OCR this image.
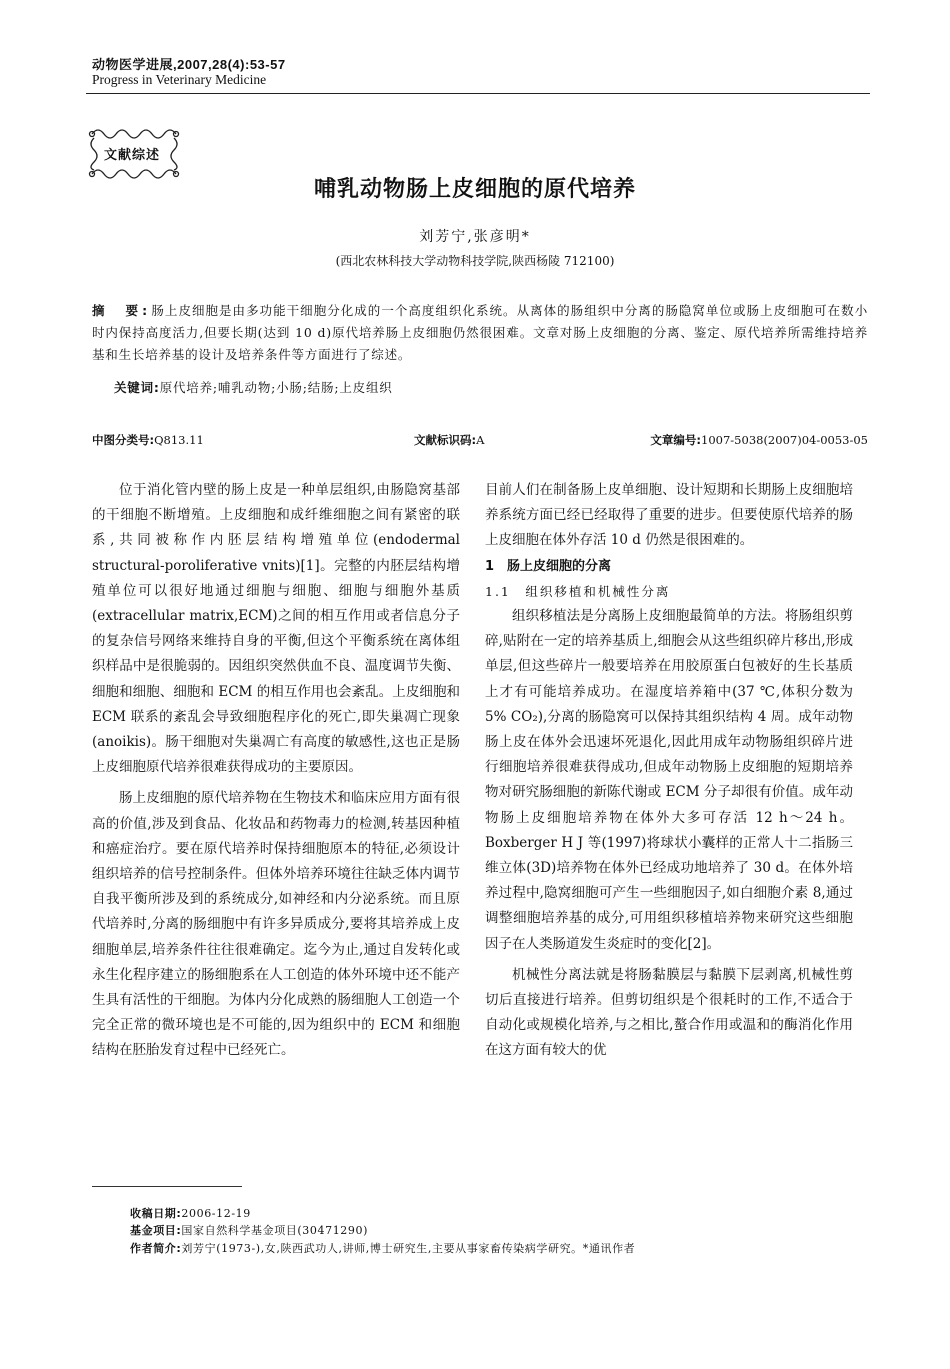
动物医学进展,2007,28(4):53-57
Progress in Veterinary Medicine
文献综述
哺乳动物肠上皮细胞的原代培养
刘芳宁,张彦明*
(西北农林科技大学动物科技学院,陕西杨陵 712100)
摘　要:肠上皮细胞是由多功能干细胞分化成的一个高度组织化系统。从离体的肠组织中分离的肠隐窝单位或肠上皮细胞可在数小时内保持高度活力,但要长期(达到 10 d)原代培养肠上皮细胞仍然很困难。文章对肠上皮细胞的分离、鉴定、原代培养所需维持培养基和生长培养基的设计及培养条件等方面进行了综述。
关键词:原代培养;哺乳动物;小肠;结肠;上皮组织
中图分类号:Q813.11	文献标识码:A	文章编号:1007-5038(2007)04-0053-05

位于消化管内壁的肠上皮是一种单层组织,由肠隐窝基部的干细胞不断增殖。上皮细胞和成纤维细胞之间有紧密的联系,共同被称作内胚层结构增殖单位(endodermal structural-poroliferative vnits)[1]。完整的内胚层结构增殖单位可以很好地通过细胞与细胞、细胞与细胞外基质(extracellular matrix,ECM)之间的相互作用或者信息分子的复杂信号网络来维持自身的平衡,但这个平衡系统在离体组织样品中是很脆弱的。因组织突然供血不良、温度调节失衡、细胞和细胞、细胞和 ECM 的相互作用也会紊乱。上皮细胞和 ECM 联系的紊乱会导致细胞程序化的死亡,即失巢凋亡现象(anoikis)。肠干细胞对失巢凋亡有高度的敏感性,这也正是肠上皮细胞原代培养很难获得成功的主要原因。

肠上皮细胞的原代培养物在生物技术和临床应用方面有很高的价值,涉及到食品、化妆品和药物毒力的检测,转基因种植和癌症治疗。要在原代培养时保持细胞原本的特征,必须设计组织培养的信号控制条件。但体外培养环境往往缺乏体内调节自我平衡所涉及到的系统成分,如神经和内分泌系统。而且原代培养时,分离的肠细胞中有许多异质成分,要将其培养成上皮细胞单层,培养条件往往很难确定。迄今为止,通过自发转化或永生化程序建立的肠细胞系在人工创造的体外环境中还不能产生具有活性的干细胞。为体内分化成熟的肠细胞人工创造一个完全正常的微环境也是不可能的,因为组织中的 ECM 和细胞结构在胚胎发育过程中已经死亡。

目前人们在制备肠上皮单细胞、设计短期和长期肠上皮细胞培养系统方面已经已经取得了重要的进步。但要使原代培养的肠上皮细胞在体外存活 10 d 仍然是很困难的。

1　肠上皮细胞的分离

1.1　组织移植和机械性分离

组织移植法是分离肠上皮细胞最简单的方法。将肠组织剪碎,贴附在一定的培养基质上,细胞会从这些组织碎片移出,形成单层,但这些碎片一般要培养在用胶原蛋白包被好的生长基质上才有可能培养成功。在湿度培养箱中(37 ℃,体积分数为 5% CO₂),分离的肠隐窝可以保持其组织结构 4 周。成年动物肠上皮在体外会迅速坏死退化,因此用成年动物肠组织碎片进行细胞培养很难获得成功,但成年动物肠上皮细胞的短期培养物对研究肠细胞的新陈代谢或 ECM 分子却很有价值。成年动物肠上皮细胞培养物在体外大多可存活 12 h～24 h。Boxberger H J 等(1997)将球状小囊样的正常人十二指肠三维立体(3D)培养物在体外已经成功地培养了 30 d。在体外培养过程中,隐窝细胞可产生一些细胞因子,如白细胞介素 8,通过调整细胞培养基的成分,可用组织移植培养物来研究这些细胞因子在人类肠道发生炎症时的变化[2]。

机械性分离法就是将肠黏膜层与黏膜下层剥离,机械性剪切后直接进行培养。但剪切组织是个很耗时的工作,不适合于自动化或规模化培养,与之相比,螯合作用或温和的酶消化作用在这方面有较大的优

收稿日期:2006-12-19
基金项目:国家自然科学基金项目(30471290)
作者简介:刘芳宁(1973-),女,陕西武功人,讲师,博士研究生,主要从事家畜传染病学研究。*通讯作者
